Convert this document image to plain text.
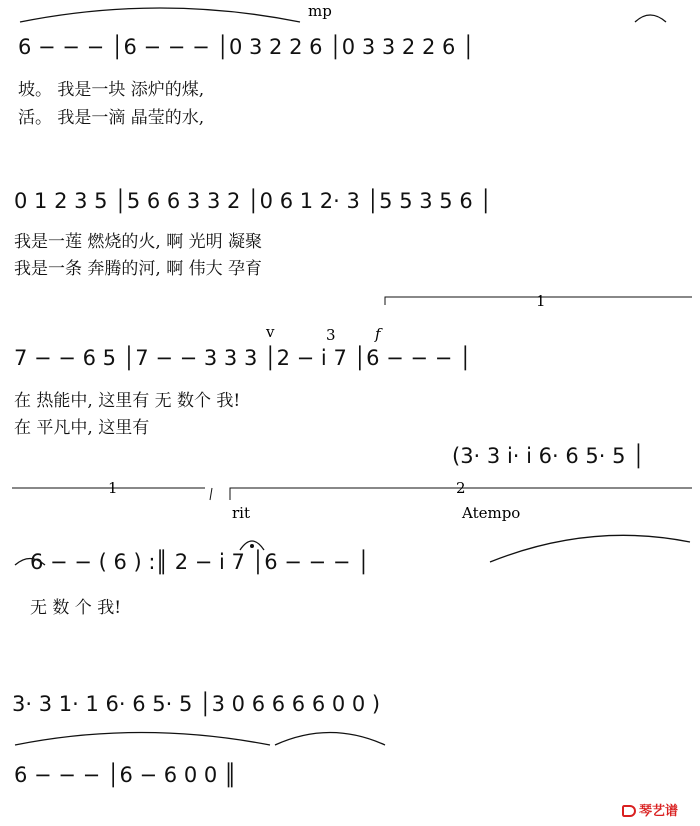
mp
1
v	3	f
1	2
rit	Atempo
6 − − − │6 − − − │0 3 2 2 6 │0 3 3 2 2 6 │
坡。 我是一块 添炉的煤,
活。 我是一滴 晶莹的水,
0 1 2 3 5 │5 6 6 3 3 2 │0 6 1 2· 3 │5 5 3 5 6 │
我是一莲 燃烧的火, 啊 光明 凝聚
我是一条 奔腾的河, 啊 伟大 孕育
7 − − 6 5 │7 − − 3 3 3 │2 − i 7 │6 − − − │
在 热能中, 这里有 无 数个 我!
在 平凡中, 这里有
(3· 3 i· i 6· 6 5· 5 │
6 − − ( 6 ) :║ 2 − i 7 │6 − − − │
无 数 个 我!
3· 3 1· 1 6· 6 5· 5 │3 0 6 6 6 6 0 0 )
6 − − − │6 − 6 0 0 ║
琴艺谱
